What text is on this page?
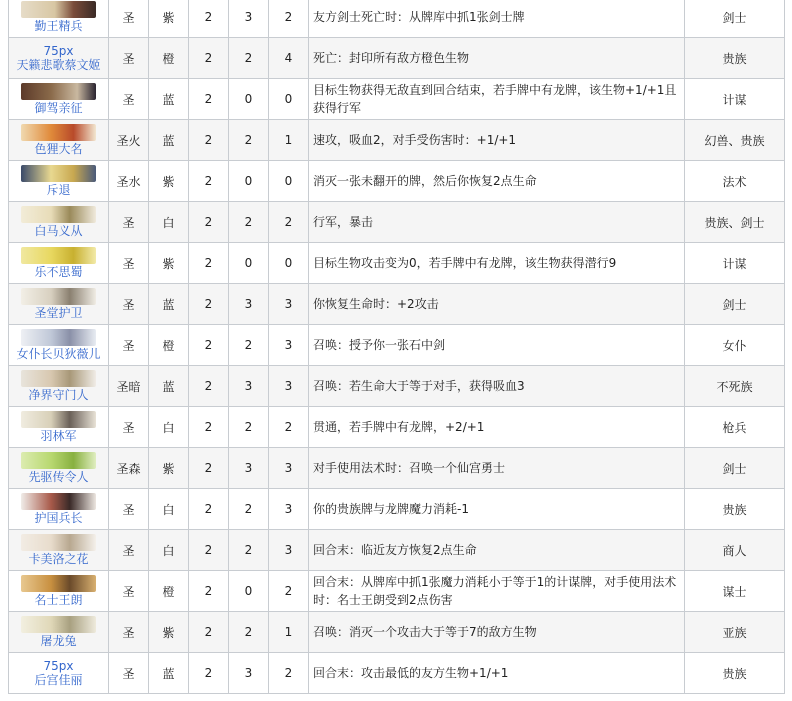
勤王精兵	圣	紫	2	3	2	友方剑士死亡时：从牌库中抓1张剑士牌	剑士

75px
天籁悲歌蔡文姬	圣	橙	2	2	4	死亡：封印所有敌方橙色生物	贵族

御驾亲征	圣	蓝	2	0	0	目标生物获得无敌直到回合结束，若手牌中有龙牌，该生物+1/+1且获得行军	计谋

色狸大名	圣火	蓝	2	2	1	速攻，吸血2，对手受伤害时：+1/+1	幻兽、贵族

斥退	圣水	紫	2	0	0	消灭一张未翻开的牌，然后你恢复2点生命	法术

白马义从	圣	白	2	2	2	行军，暴击	贵族、剑士

乐不思蜀	圣	紫	2	0	0	目标生物攻击变为0，若手牌中有龙牌，该生物获得潜行9	计谋

圣堂护卫	圣	蓝	2	3	3	你恢复生命时：+2攻击	剑士

女仆长贝狄薇儿	圣	橙	2	2	3	召唤：授予你一张石中剑	女仆

净界守门人	圣暗	蓝	2	3	3	召唤：若生命大于等于对手，获得吸血3	不死族

羽林军	圣	白	2	2	2	贯通，若手牌中有龙牌，+2/+1	枪兵

先驱传令人	圣森	紫	2	3	3	对手使用法术时：召唤一个仙宫勇士	剑士

护国兵长	圣	白	2	2	3	你的贵族牌与龙牌魔力消耗-1	贵族

卡美洛之花	圣	白	2	2	3	回合末：临近友方恢复2点生命	商人

名士王朗	圣	橙	2	0	2	回合末：从牌库中抓1张魔力消耗小于等于1的计谋牌，对手使用法术时：名士王朗受到2点伤害	谋士

屠龙兔	圣	紫	2	2	1	召唤：消灭一个攻击大于等于7的敌方生物	亚族

75px
后宫佳丽	圣	蓝	2	3	2	回合末：攻击最低的友方生物+1/+1	贵族
